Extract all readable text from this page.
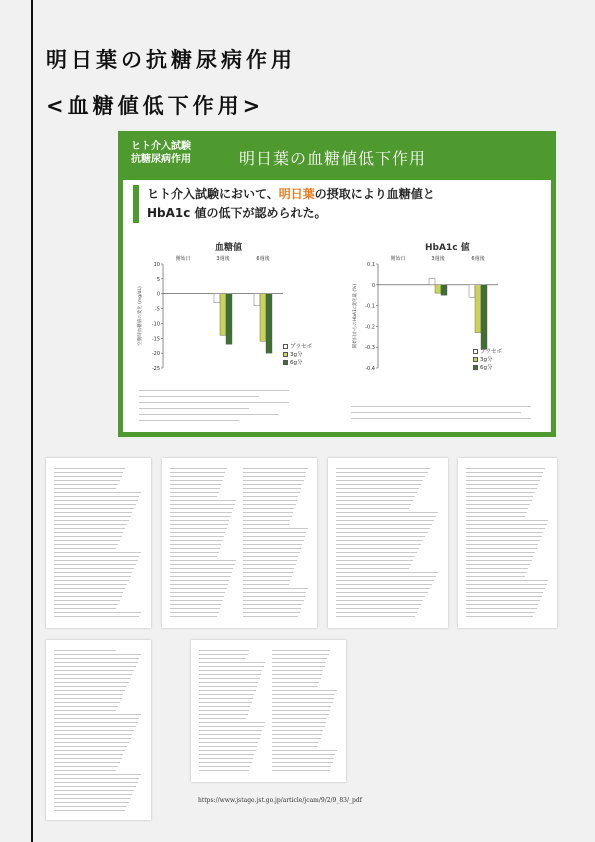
明日葉の抗糖尿病作用
<血糖値低下作用>
ヒト介入試験
抗糖尿病作用	明日葉の血糖値低下作用
ヒト介入試験において、明日葉の摂取により血糖値と
HbA1c 値の低下が認められた。
血糖値
10
5
0
-5
-10
-15
-20
-25
空腹時血糖値の変化 (mg/dL)
開始日	3週後	6週後
プラセボ
3g分
6g分
HbA1c 値
0.1
0
-0.1
-0.2
-0.3
-0.4
開始日からのHbA1c変化量 (%)
開始日	3週後	6週後
プラセボ
3g分
6g分
https://www.jstage.jst.go.jp/article/jcam/9/2/9_83/_pdf
